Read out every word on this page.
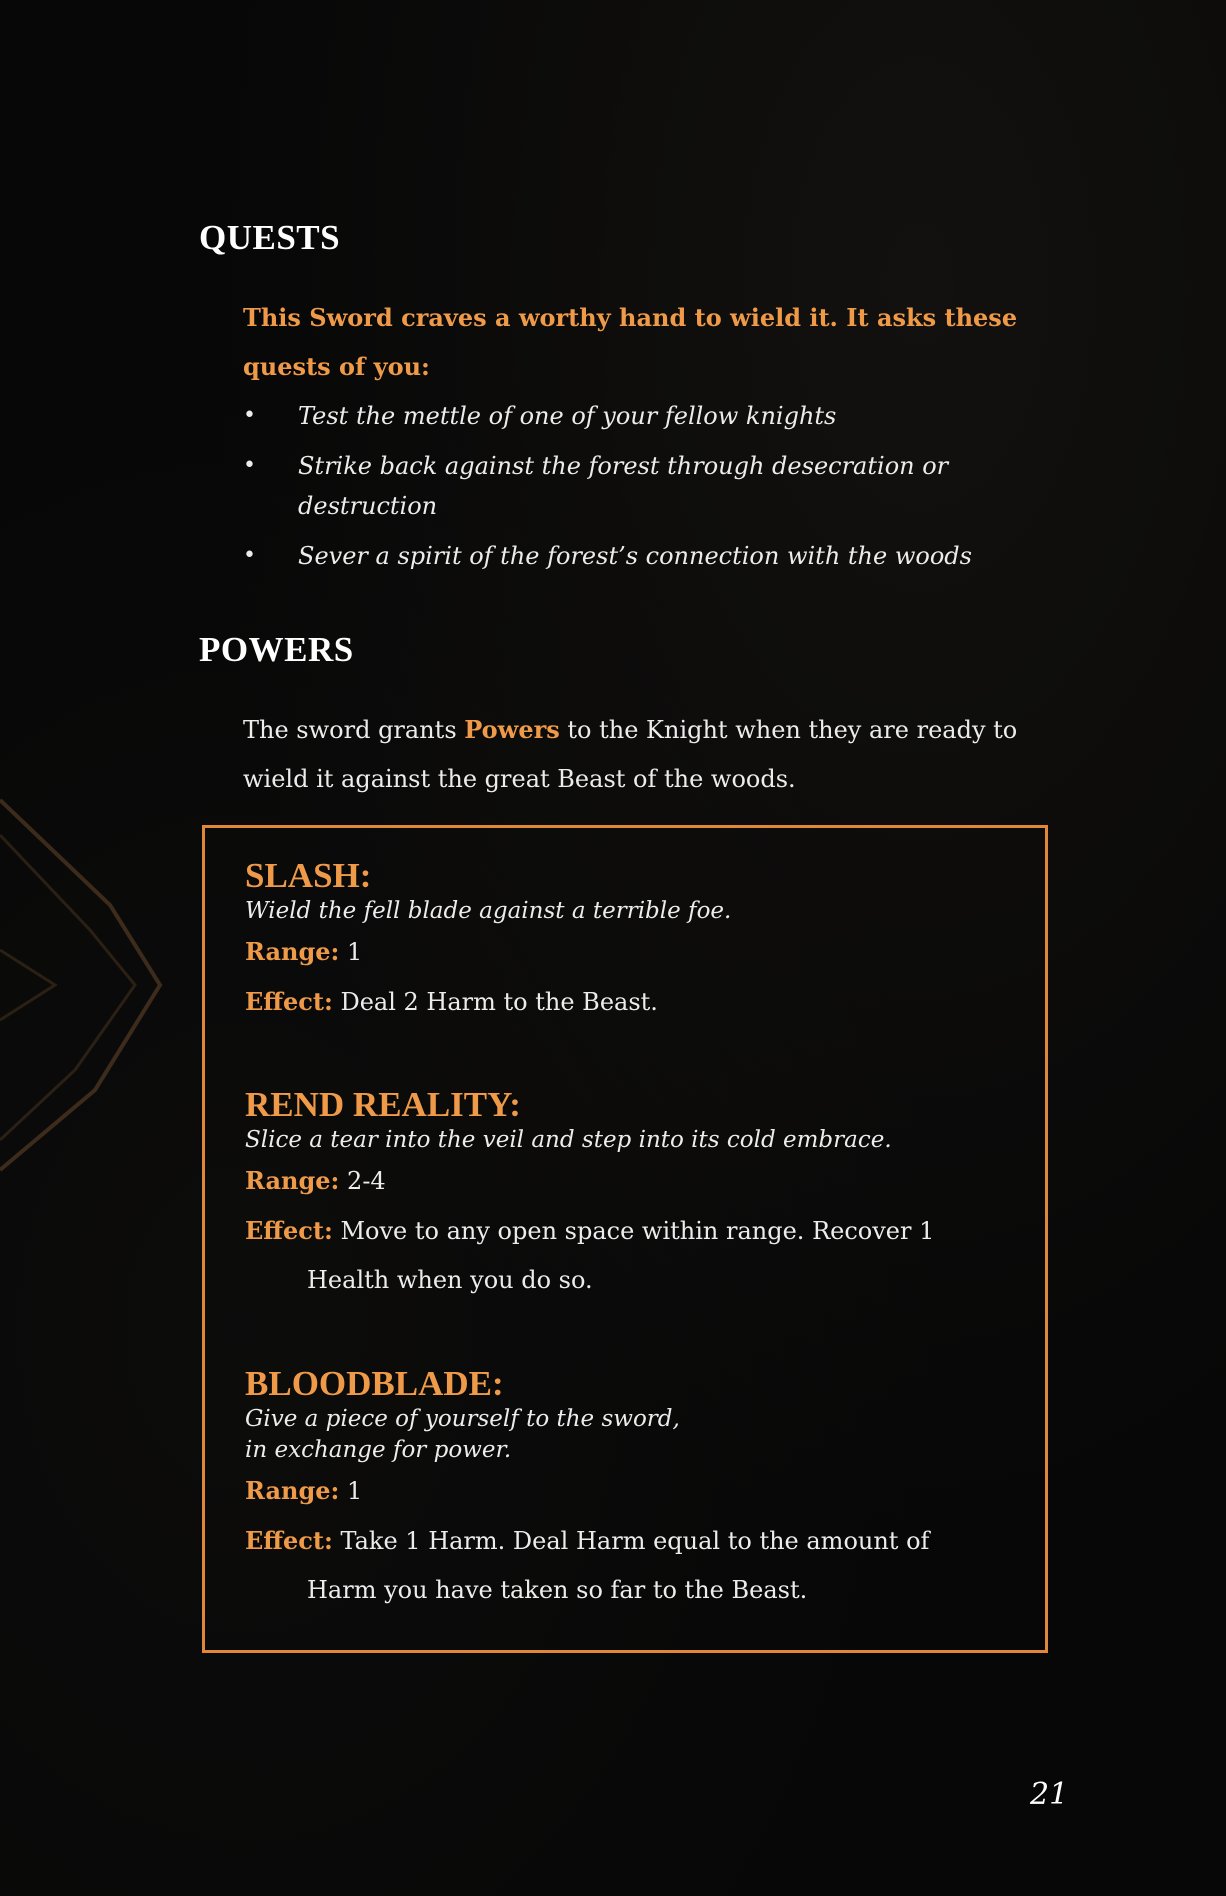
QUESTS

This Sword craves a worthy hand to wield it. It asks these quests of you:

• Test the mettle of one of your fellow knights
• Strike back against the forest through desecration or destruction
• Sever a spirit of the forest’s connection with the woods
POWERS

The sword grants Powers to the Knight when they are ready to wield it against the great Beast of the woods.

SLASH:

Wield the fell blade against a terrible foe.

Range: 1

Effect: Deal 2 Harm to the Beast.

REND REALITY:

Slice a tear into the veil and step into its cold embrace.

Range: 2-4

Effect: Move to any open space within range. Recover 1

Health when you do so.

BLOODBLADE:

Give a piece of yourself to the sword,

in exchange for power.

Range: 1

Effect: Take 1 Harm. Deal Harm equal to the amount of

Harm you have taken so far to the Beast.

21
